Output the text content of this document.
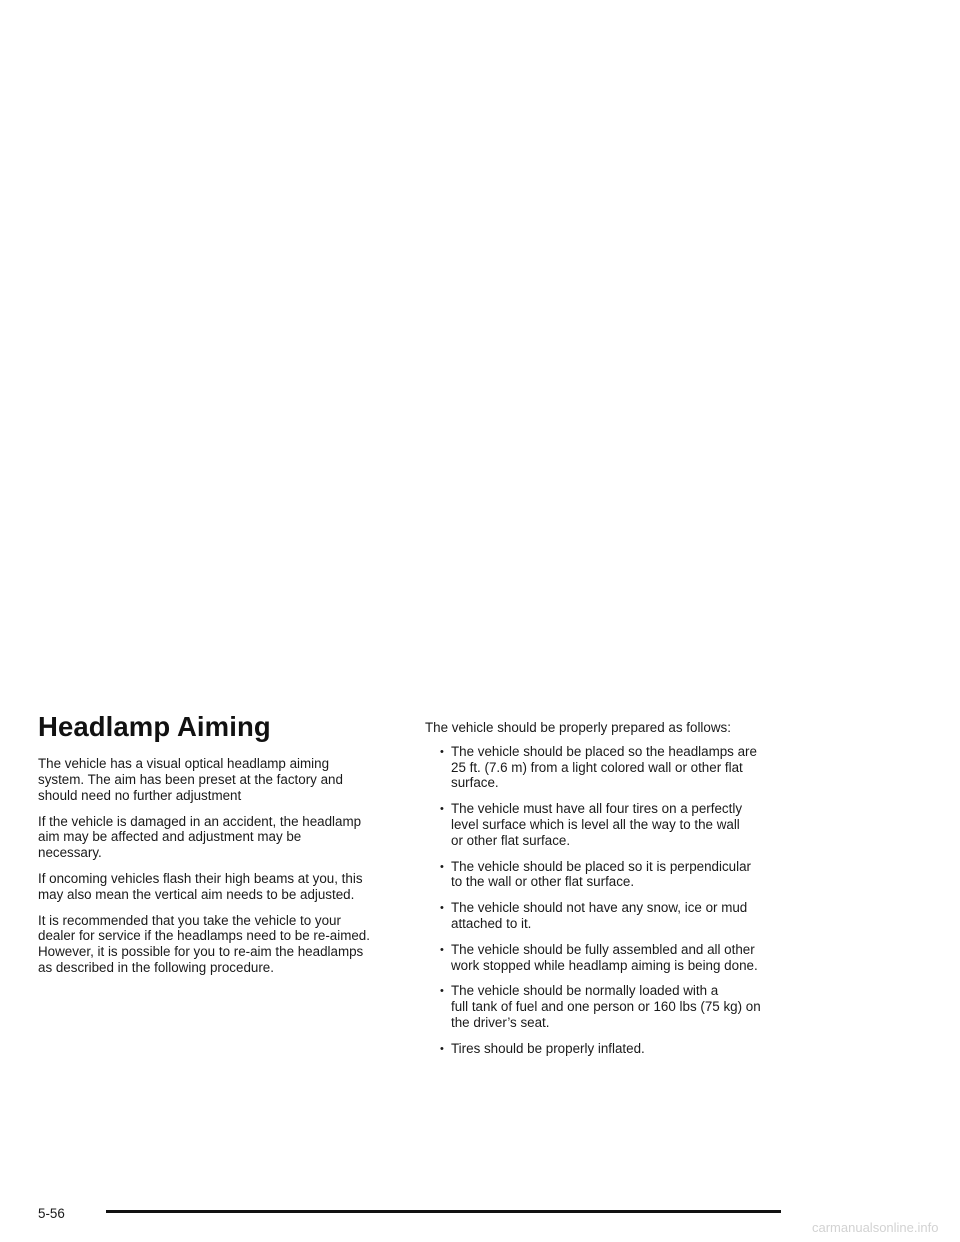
Headlamp Aiming

The vehicle has a visual optical headlamp aiming
system. The aim has been preset at the factory and
should need no further adjustment

If the vehicle is damaged in an accident, the headlamp
aim may be affected and adjustment may be
necessary.

If oncoming vehicles flash their high beams at you, this
may also mean the vertical aim needs to be adjusted.

It is recommended that you take the vehicle to your
dealer for service if the headlamps need to be re-aimed.
However, it is possible for you to re-aim the headlamps
as described in the following procedure.

The vehicle should be properly prepared as follows:

• The vehicle should be placed so the headlamps are
25 ft. (7.6 m) from a light colored wall or other flat
surface.
• The vehicle must have all four tires on a perfectly
level surface which is level all the way to the wall
or other flat surface.
• The vehicle should be placed so it is perpendicular
to the wall or other flat surface.
• The vehicle should not have any snow, ice or mud
attached to it.
• The vehicle should be fully assembled and all other
work stopped while headlamp aiming is being done.
• The vehicle should be normally loaded with a
full tank of fuel and one person or 160 lbs (75 kg) on
the driver’s seat.
• Tires should be properly inflated.
5-56
carmanualsonline.info
